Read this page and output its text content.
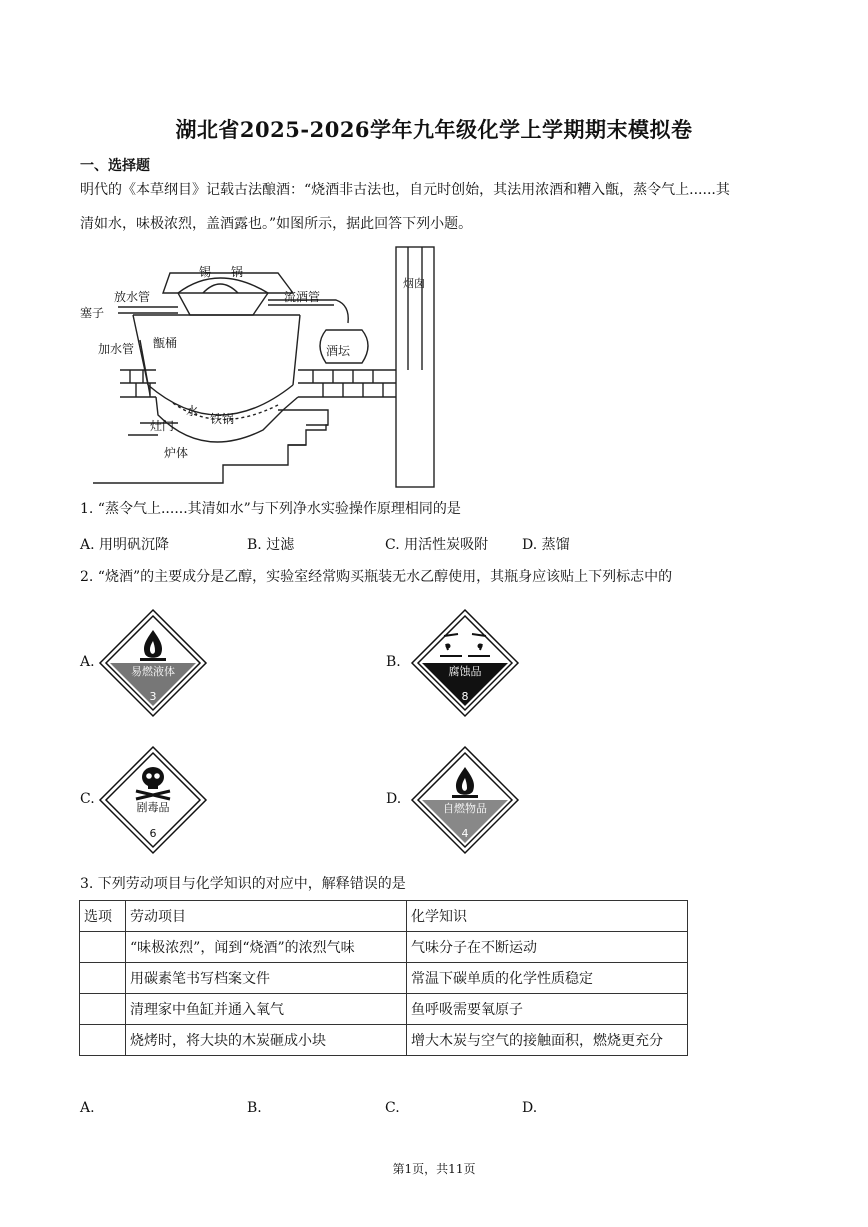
湖北省2025-2026学年九年级化学上学期期末模拟卷
一、选择题
明代的《本草纲目》记载古法酿酒：“烧酒非古法也，自元时创始，其法用浓酒和糟入甑，蒸令气上......其
清如水，味极浓烈，盖酒露也。”如图所示，据此回答下列小题。
锡 锅
放水管	流酒管
塞子
加水管 甑桶
酒坛
水
铁锅
灶门
炉体
烟囱
1. “蒸令气上......其清如水”与下列净水实验操作原理相同的是
A. 用明矾沉降	B. 过滤	C. 用活性炭吸附 D. 蒸馏
2. “烧酒”的主要成分是乙醇，实验室经常购买瓶装无水乙醇使用，其瓶身应该贴上下列标志中的
A.
易燃液体
3
B.
腐蚀品
8
C.
剧毒品
6
D.
自燃物品
4
3. 下列劳动项目与化学知识的对应中，解释错误的是
选项	劳动项目	化学知识
	“味极浓烈”，闻到“烧酒”的浓烈气味	气味分子在不断运动
	用碳素笔书写档案文件	常温下碳单质的化学性质稳定
	清理家中鱼缸并通入氧气	鱼呼吸需要氧原子
	烧烤时，将大块的木炭砸成小块	增大木炭与空气的接触面积，燃烧更充分
A.	B.	C.	D.
第1页，共11页
